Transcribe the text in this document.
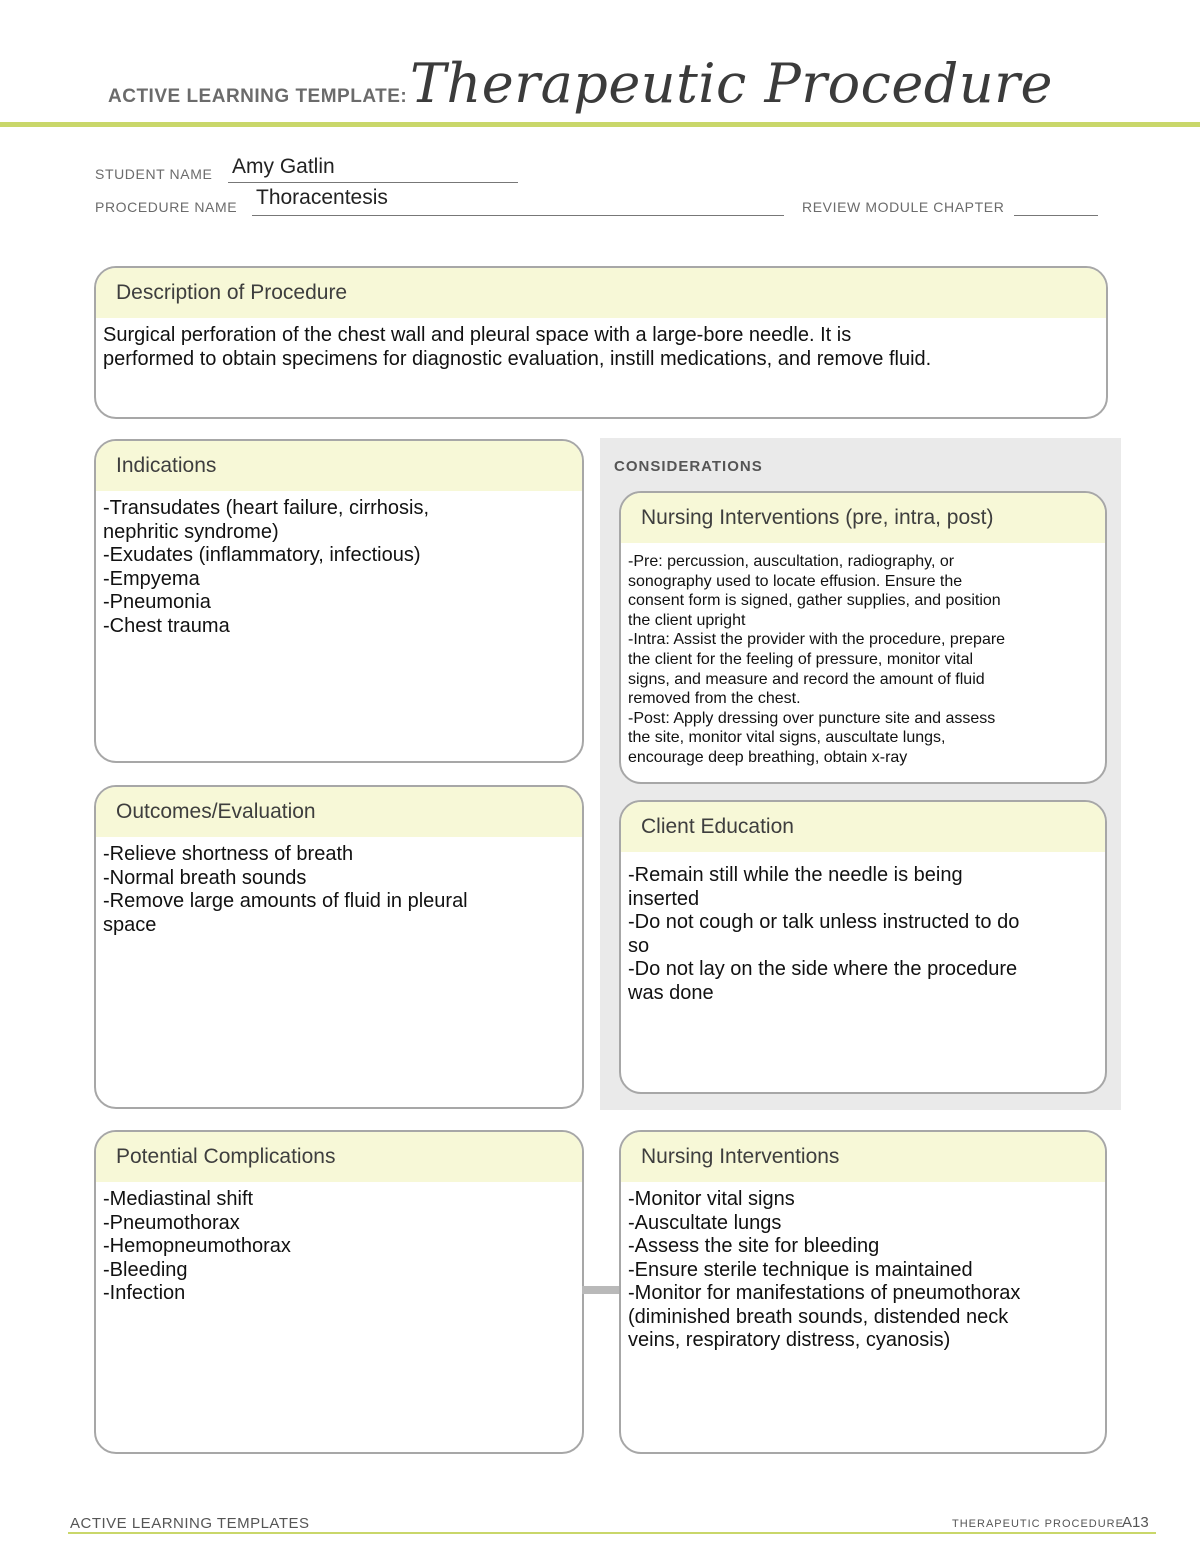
ACTIVE LEARNING TEMPLATE: Therapeutic Procedure
STUDENT NAME Amy Gatlin
PROCEDURE NAME Thoracentesis	REVIEW MODULE CHAPTER
Description of Procedure
Surgical perforation of the chest wall and pleural space with a large-bore needle. It is
performed to obtain specimens for diagnostic evaluation, instill medications, and remove fluid.
Indications
-Transudates (heart failure, cirrhosis,
nephritic syndrome)
-Exudates (inflammatory, infectious)
-Empyema
-Pneumonia
-Chest trauma
CONSIDERATIONS
Nursing Interventions (pre, intra, post)
-Pre: percussion, auscultation, radiography, or
sonography used to locate effusion. Ensure the
consent form is signed, gather supplies, and position
the client upright
-Intra: Assist the provider with the procedure, prepare
the client for the feeling of pressure, monitor vital
signs, and measure and record the amount of fluid
removed from the chest.
-Post: Apply dressing over puncture site and assess
the site, monitor vital signs, auscultate lungs,
encourage deep breathing, obtain x-ray
Client Education
-Remain still while the needle is being
inserted
-Do not cough or talk unless instructed to do
so
-Do not lay on the side where the procedure
was done
Outcomes/Evaluation
-Relieve shortness of breath
-Normal breath sounds
-Remove large amounts of fluid in pleural
space
Potential Complications
-Mediastinal shift
-Pneumothorax
-Hemopneumothorax
-Bleeding
-Infection
Nursing Interventions
-Monitor vital signs
-Auscultate lungs
-Assess the site for bleeding
-Ensure sterile technique is maintained
-Monitor for manifestations of pneumothorax
(diminished breath sounds, distended neck
veins, respiratory distress, cyanosis)
ACTIVE LEARNING TEMPLATES	THERAPEUTIC PROCEDURE
A13
